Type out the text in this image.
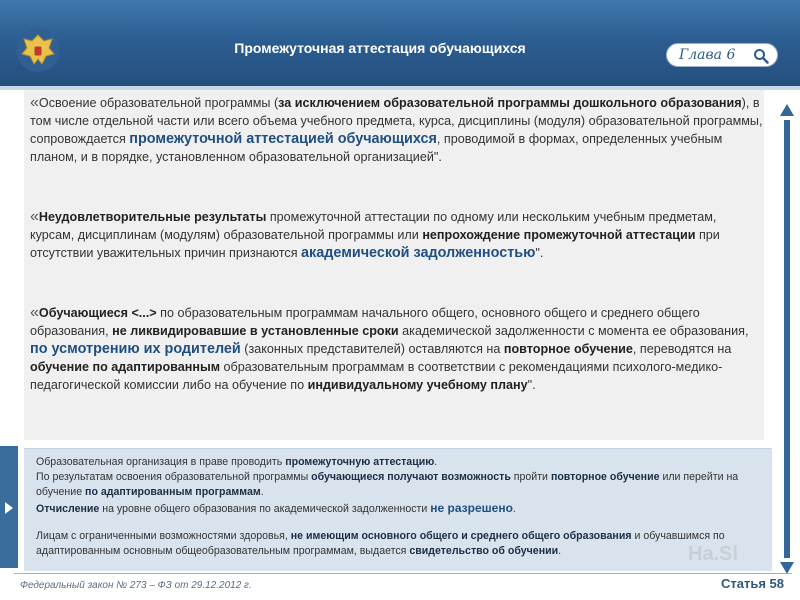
Промежуточная аттестация обучающихся	Глава 6
«Освоение образовательной программы (за исключением образовательной программы дошкольного образования), в том числе отдельной части или всего объема учебного предмета, курса, дисциплины (модуля) образовательной программы, сопровождается промежуточной аттестацией обучающихся, проводимой в формах, определенных учебным планом, и в порядке, установленном образовательной организацией".
«Неудовлетворительные результаты промежуточной аттестации по одному или нескольким учебным предметам, курсам, дисциплинам (модулям) образовательной программы или непрохождение промежуточной аттестации при отсутствии уважительных причин признаются академической задолженностью".
«Обучающиеся <...> по образовательным программам начального общего, основного общего и среднего общего образования, не ликвидировавшие в установленные сроки академической задолженности с момента ее образования,
по усмотрению их родителей (законных представителей) оставляются на повторное обучение, переводятся на обучение по адаптированным образовательным программам в соответствии с рекомендациями психолого-медико-педагогической комиссии либо на обучение по индивидуальному учебному плану".
Образовательная организация в праве проводить промежуточную аттестацию.
По результатам освоения образовательной программы обучающиеся получают возможность пройти повторное обучение или перейти на обучение по адаптированным программам.
Отчисление на уровне общего образования по академической задолженности не разрешено.
Лицам с ограниченными возможностями здоровья, не имеющим основного общего и среднего общего образования и обучавшимся по адаптированным основным общеобразовательным программам, выдается свидетельство об обучении.	Ha.Sl
Федеральный закон № 273 – ФЗ от 29.12.2012 г.	Статья 58
